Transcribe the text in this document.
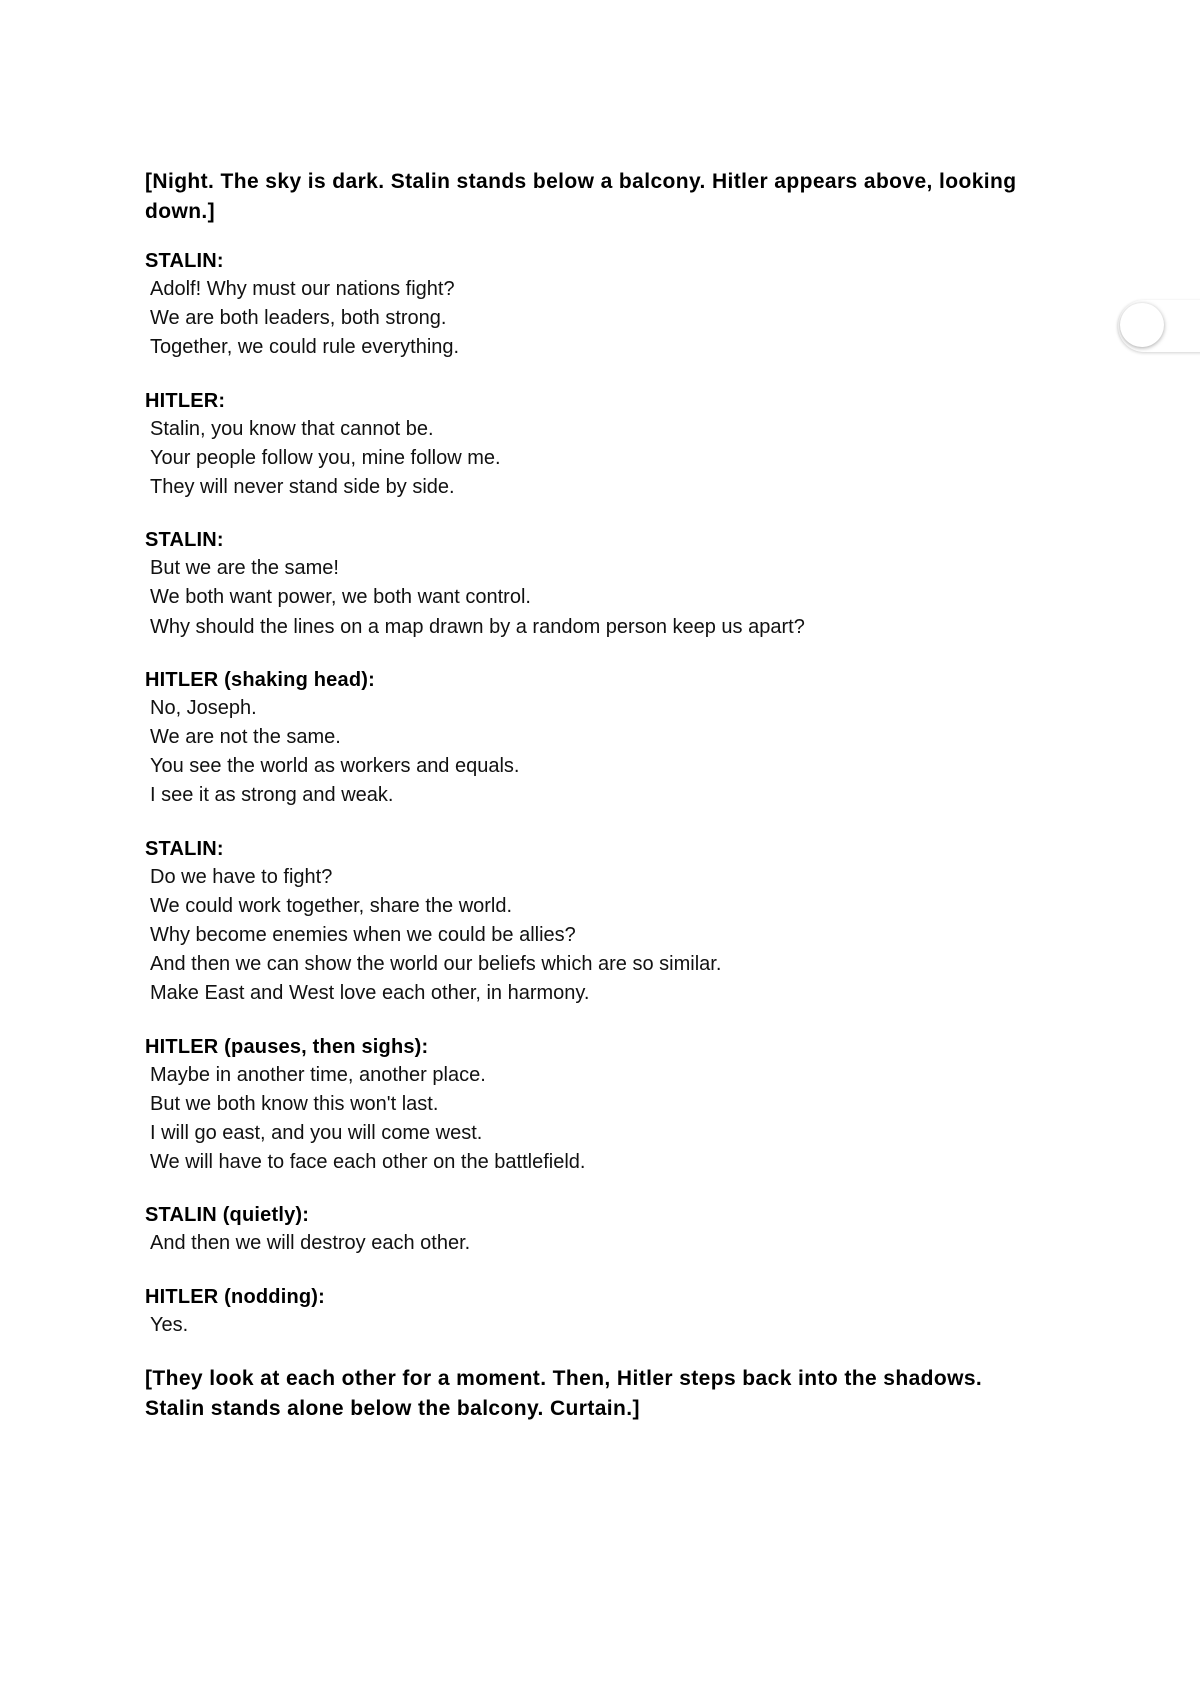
[Night. The sky is dark. Stalin stands below a balcony. Hitler appears above, looking down.]

STALIN:

Adolf! Why must our nations fight?

We are both leaders, both strong.

Together, we could rule everything.

HITLER:

Stalin, you know that cannot be.

Your people follow you, mine follow me.

They will never stand side by side.

STALIN:

But we are the same!

We both want power, we both want control.

Why should the lines on a map drawn by a random person keep us apart?

HITLER (shaking head):

No, Joseph.

We are not the same.

You see the world as workers and equals.

I see it as strong and weak.

STALIN:

Do we have to fight?

We could work together, share the world.

Why become enemies when we could be allies?

And then we can show the world our beliefs which are so similar.

Make East and West love each other, in harmony.

HITLER (pauses, then sighs):

Maybe in another time, another place.

But we both know this won't last.

I will go east, and you will come west.

We will have to face each other on the battlefield.

STALIN (quietly):

And then we will destroy each other.

HITLER (nodding):

Yes.

[They look at each other for a moment. Then, Hitler steps back into the shadows. Stalin stands alone below the balcony. Curtain.]
